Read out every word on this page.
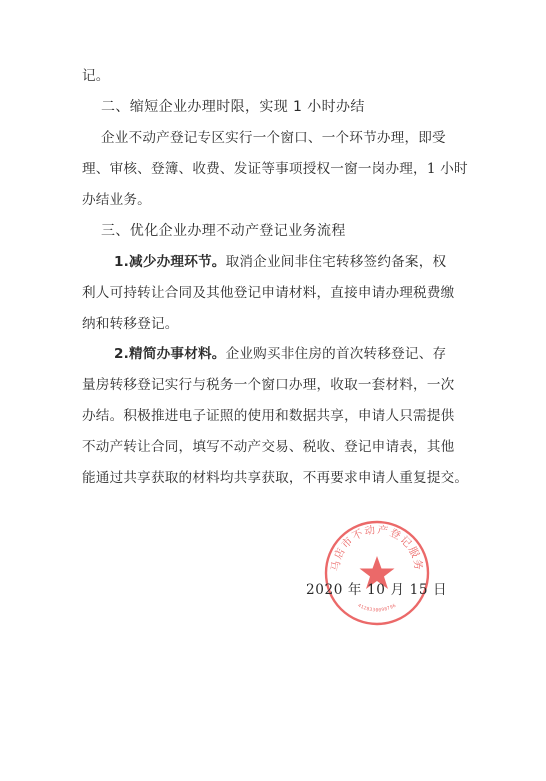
记。
二、缩短企业办理时限，实现 1 小时办结
企业不动产登记专区实行一个窗口、一个环节办理，即受
理、审核、登簿、收费、发证等事项授权一窗一岗办理，1 小时
办结业务。
三、优化企业办理不动产登记业务流程
1.减少办理环节。取消企业间非住宅转移签约备案，权
利人可持转让合同及其他登记申请材料，直接申请办理税费缴
纳和转移登记。
2.精简办事材料。企业购买非住房的首次转移登记、存
量房转移登记实行与税务一个窗口办理，收取一套材料，一次
办结。积极推进电子证照的使用和数据共享，申请人只需提供
不动产转让合同，填写不动产交易、税收、登记申请表，其他
能通过共享获取的材料均共享获取，不再要求申请人重复提交。
马店市不动产登记服务
4128330098796
2020 年 10 月 15 日
